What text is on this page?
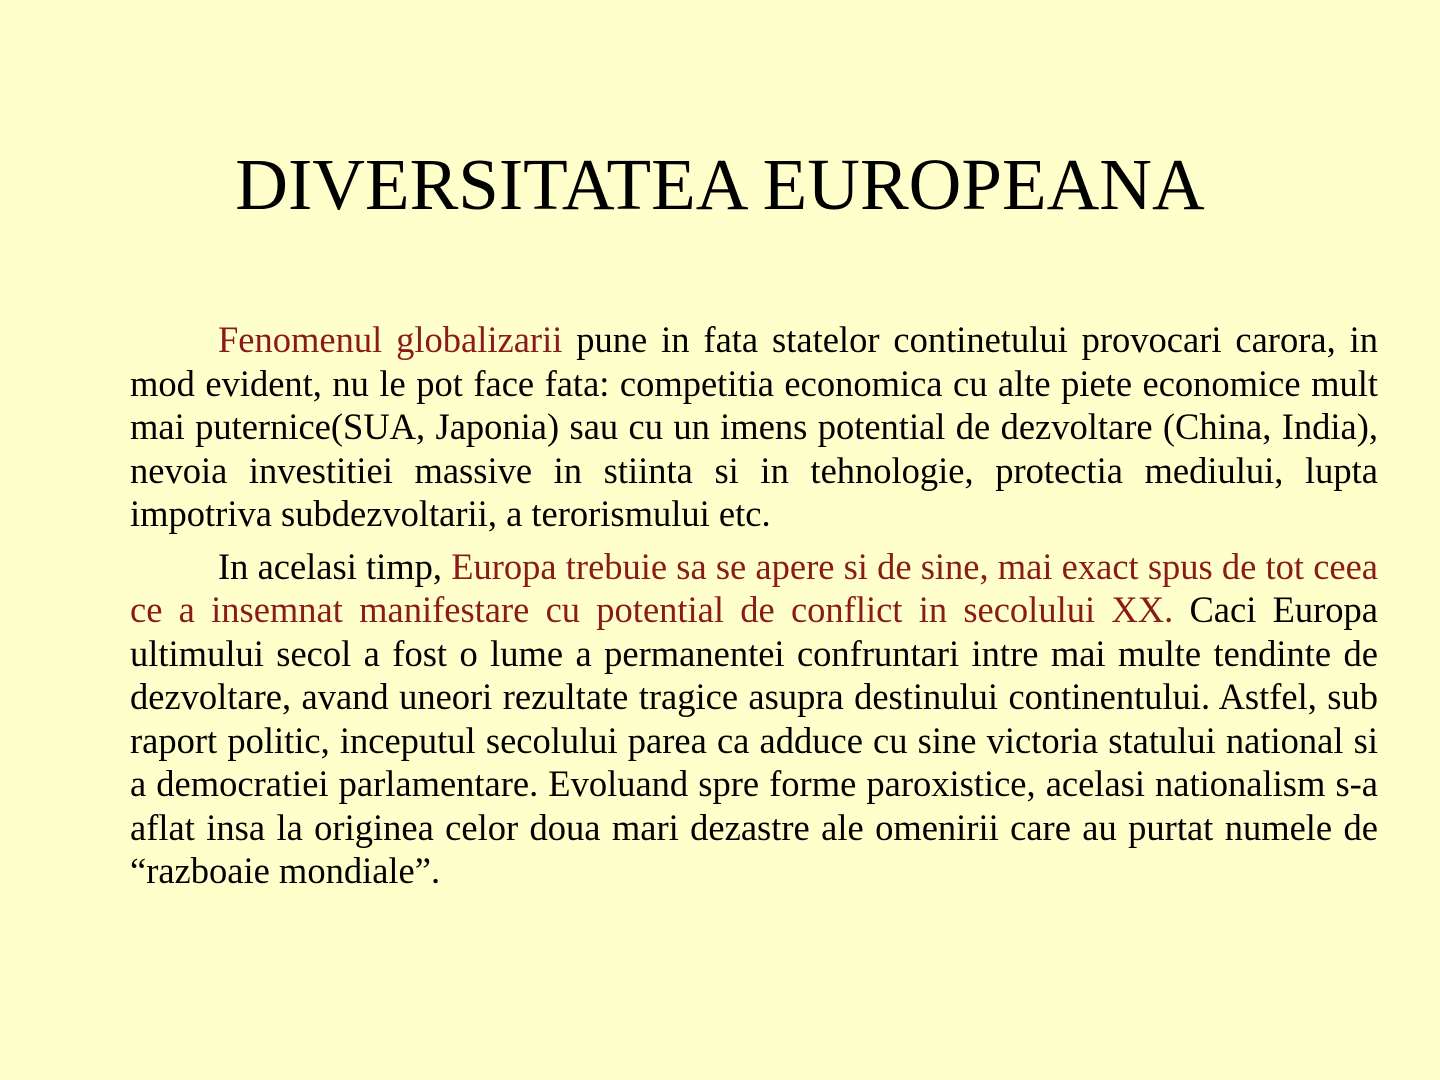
DIVERSITATEA EUROPEANA

Fenomenul globalizarii pune in fata statelor continetului provocari carora, in mod evident, nu le pot face fata: competitia economica cu alte piete economice mult mai puternice(SUA, Japonia) sau cu un imens potential de dezvoltare (China, India), nevoia investitiei massive in stiinta si in tehnologie, protectia mediului, lupta impotriva subdezvoltarii, a terorismului etc.

In acelasi timp, Europa trebuie sa se apere si de sine, mai exact spus de tot ceea ce a insemnat manifestare cu potential de conflict in secolului XX. Caci Europa ultimului secol a fost o lume a permanentei confruntari intre mai multe tendinte de dezvoltare, avand uneori rezultate tragice asupra destinului continentului. Astfel, sub raport politic, inceputul secolului parea ca adduce cu sine victoria statului national si a democratiei parlamentare. Evoluand spre forme paroxistice, acelasi nationalism s-a aflat insa la originea celor doua mari dezastre ale omenirii care au purtat numele de “razboaie mondiale”.
